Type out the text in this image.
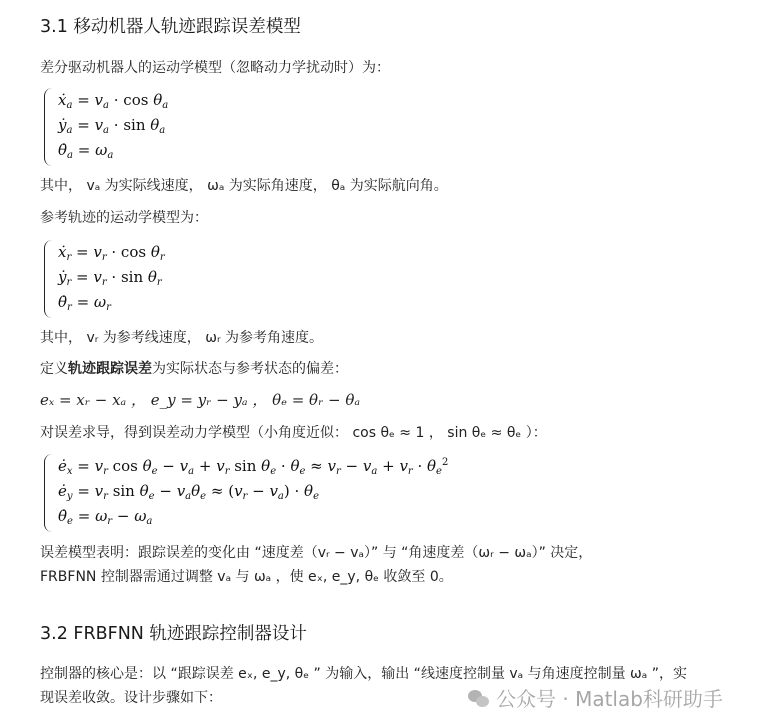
3.1 移动机器人轨迹跟踪误差模型
差分驱动机器人的运动学模型（忽略动力学扰动时）为：
ẋ$_a$ = $v_a \cdot \cos \theta_a$
ẏ$_a$ = $v_a \cdot \sin \theta_a$
$\thetȧ_a = \omega_a$
其中， vₐ 为实际线速度， ωₐ 为实际角速度， θₐ 为实际航向角。
参考轨迹的运动学模型为：
ẋ$_r$ = $v_r \cdot \cos \theta_r$
ẏ$_r$ = $v_r \cdot \sin \theta_r$
$\thetȧ_r = \omega_r$
其中， vᵣ 为参考线速度， ωᵣ 为参考角速度。
定义轨迹跟踪误差为实际状态与参考状态的偏差：
eₓ = xᵣ − xₐ ， e_y = yᵣ − yₐ ， θₑ = θᵣ − θₐ
对误差求导，得到误差动力学模型（小角度近似： cos θₑ ≈ 1 ， sin θₑ ≈ θₑ ）：
$ė_x = v_r$ $\cos \theta_e - v_a + v_r$ $\sin \theta_e \cdot \theta_e \approx v_r - v_a + v_r \cdot \theta_e^2$
$ė_y = v_r$ $\sin \theta_e - v_a\theta_e \approx (v_r - v_a) \cdot \theta_e$
$\thetȧ_e = \omega_r - \omega_a$
误差模型表明：跟踪误差的变化由 “速度差（vᵣ − vₐ）” 与 “角速度差（ωᵣ − ωₐ）” 决定，
FRBFNN 控制器需通过调整 vₐ 与 ωₐ ，使 eₓ, e_y, θₑ 收敛至 0。
3.2 FRBFNN 轨迹跟踪控制器设计
控制器的核心是：以 “跟踪误差 eₓ, e_y, θₑ ” 为输入，输出 “线速度控制量 vₐ 与角速度控制量 ωₐ ”，实
现误差收敛。设计步骤如下：	公众号 · Matlab科研助手
